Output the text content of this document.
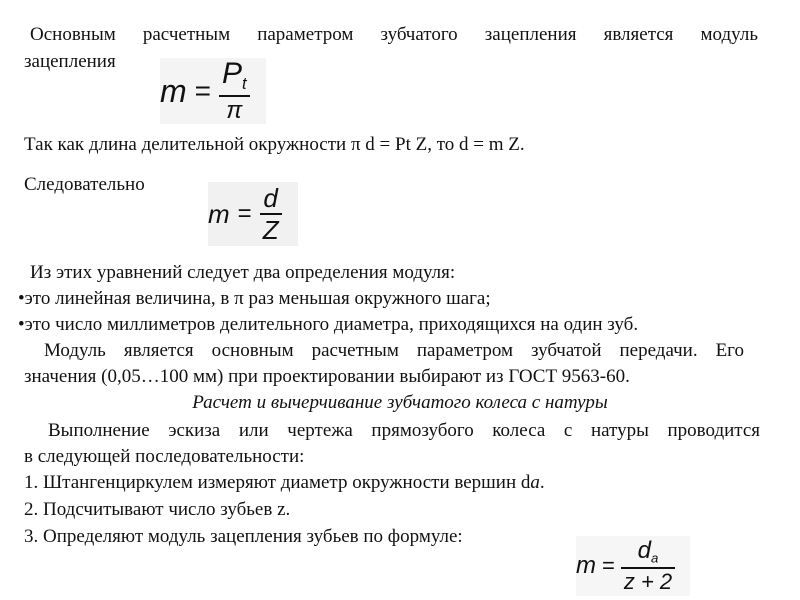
Основным расчетным параметром зубчатого зацепления является модуль
зацепления
$m = \frac{P_t}{\pi}$
Так как длина делительной окружности π d = Pt Z, то d = m Z.
Следовательно
$m = \frac{d}{Z}$
Из этих уравнений следует два определения модуля:
•это линейная величина, в π раз меньшая окружного шага;
•это число миллиметров делительного диаметра, приходящихся на один зуб.
Модуль является основным расчетным параметром зубчатой передачи. Его
значения (0,05…100 мм) при проектировании выбирают из ГОСТ 9563-60.
Расчет и вычерчивание зубчатого колеса с натуры
Выполнение эскиза или чертежа прямозубого колеса с натуры проводится
в следующей последовательности:
1. Штангенциркулем измеряют диаметр окружности вершин da.
2. Подсчитывают число зубьев z.
3. Определяют модуль зацепления зубьев по формуле:
$m = \frac{d_a}{z + 2}$
